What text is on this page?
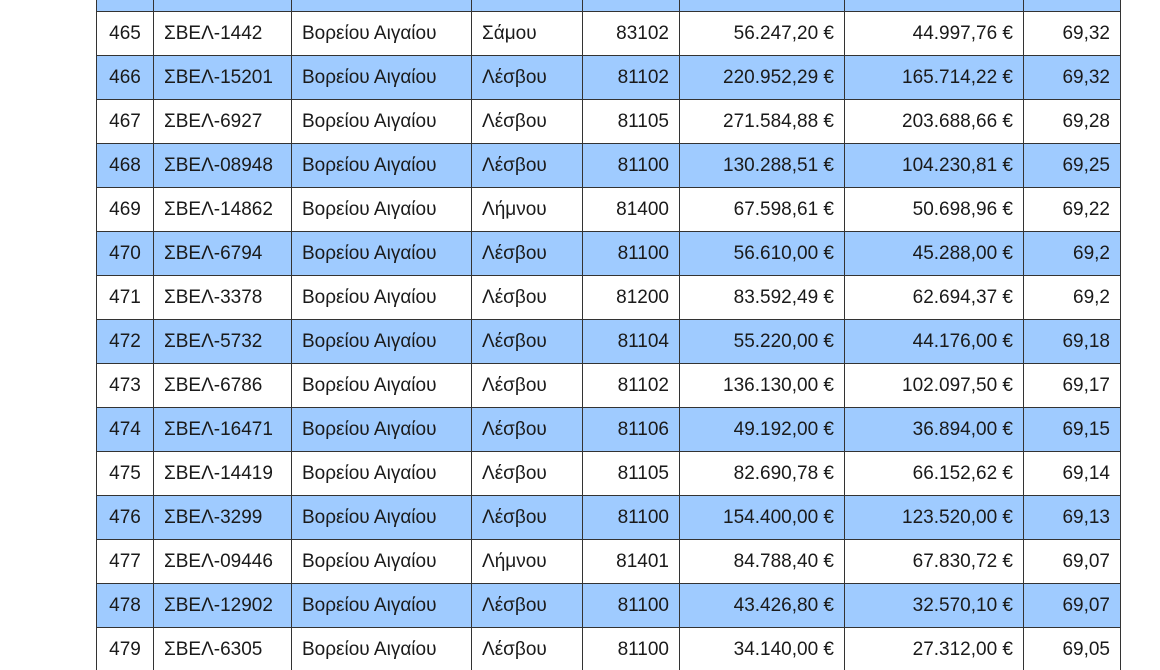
465	ΣΒΕΛ-1442	Βορείου Αιγαίου	Σάμου	83102	56.247,20 €	44.997,76 €	69,32
466	ΣΒΕΛ-15201	Βορείου Αιγαίου	Λέσβου	81102	220.952,29 €	165.714,22 €	69,32
467	ΣΒΕΛ-6927	Βορείου Αιγαίου	Λέσβου	81105	271.584,88 €	203.688,66 €	69,28
468	ΣΒΕΛ-08948	Βορείου Αιγαίου	Λέσβου	81100	130.288,51 €	104.230,81 €	69,25
469	ΣΒΕΛ-14862	Βορείου Αιγαίου	Λήμνου	81400	67.598,61 €	50.698,96 €	69,22
470	ΣΒΕΛ-6794	Βορείου Αιγαίου	Λέσβου	81100	56.610,00 €	45.288,00 €	69,2
471	ΣΒΕΛ-3378	Βορείου Αιγαίου	Λέσβου	81200	83.592,49 €	62.694,37 €	69,2
472	ΣΒΕΛ-5732	Βορείου Αιγαίου	Λέσβου	81104	55.220,00 €	44.176,00 €	69,18
473	ΣΒΕΛ-6786	Βορείου Αιγαίου	Λέσβου	81102	136.130,00 €	102.097,50 €	69,17
474	ΣΒΕΛ-16471	Βορείου Αιγαίου	Λέσβου	81106	49.192,00 €	36.894,00 €	69,15
475	ΣΒΕΛ-14419	Βορείου Αιγαίου	Λέσβου	81105	82.690,78 €	66.152,62 €	69,14
476	ΣΒΕΛ-3299	Βορείου Αιγαίου	Λέσβου	81100	154.400,00 €	123.520,00 €	69,13
477	ΣΒΕΛ-09446	Βορείου Αιγαίου	Λήμνου	81401	84.788,40 €	67.830,72 €	69,07
478	ΣΒΕΛ-12902	Βορείου Αιγαίου	Λέσβου	81100	43.426,80 €	32.570,10 €	69,07
479	ΣΒΕΛ-6305	Βορείου Αιγαίου	Λέσβου	81100	34.140,00 €	27.312,00 €	69,05
